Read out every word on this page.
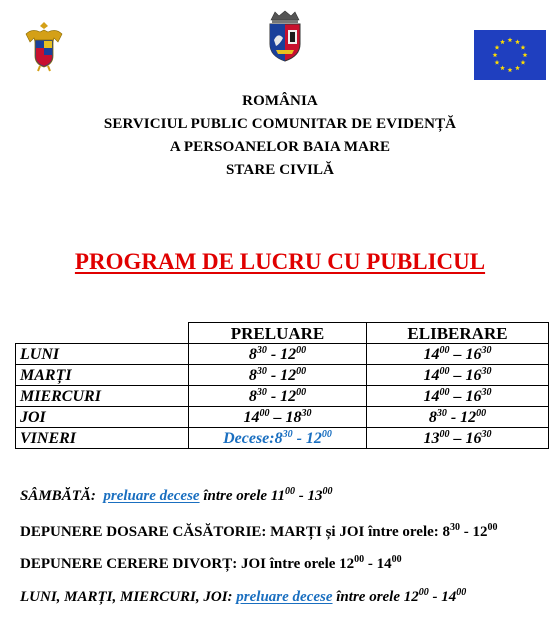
ROMÂNIA
SERVICIUL PUBLIC COMUNITAR DE EVIDENȚĂ
A PERSOANELOR BAIA MARE
STARE CIVILĂ
PROGRAM DE LUCRU CU PUBLICUL
	PRELUARE	ELIBERARE
LUNI	$8^{30} - 12^{00}$	$14^{00} - 16^{30}$
MARȚI	$8^{30} - 12^{00}$	$14^{00} - 16^{30}$
MIERCURI	$8^{30} - 12^{00}$	$14^{00} - 16^{30}$
JOI	$14^{00} - 18^{30}$	$8^{30} - 12^{00}$
VINERI	$Decese:8^{30} - 12^{00}$	$13^{00} - 16^{30}$
SÂMBĂTĂ: preluare decese între orele $11^{00} - 13^{00}$
DEPUNERE DOSARE CĂSĂTORIE: MARȚI și JOI între orele: $8^{30} - 12^{00}$
DEPUNERE CERERE DIVORȚ: JOI între orele $12^{00} - 14^{00}$
LUNI, MARȚI, MIERCURI, JOI: preluare decese între orele $12^{00} - 14^{00}$
